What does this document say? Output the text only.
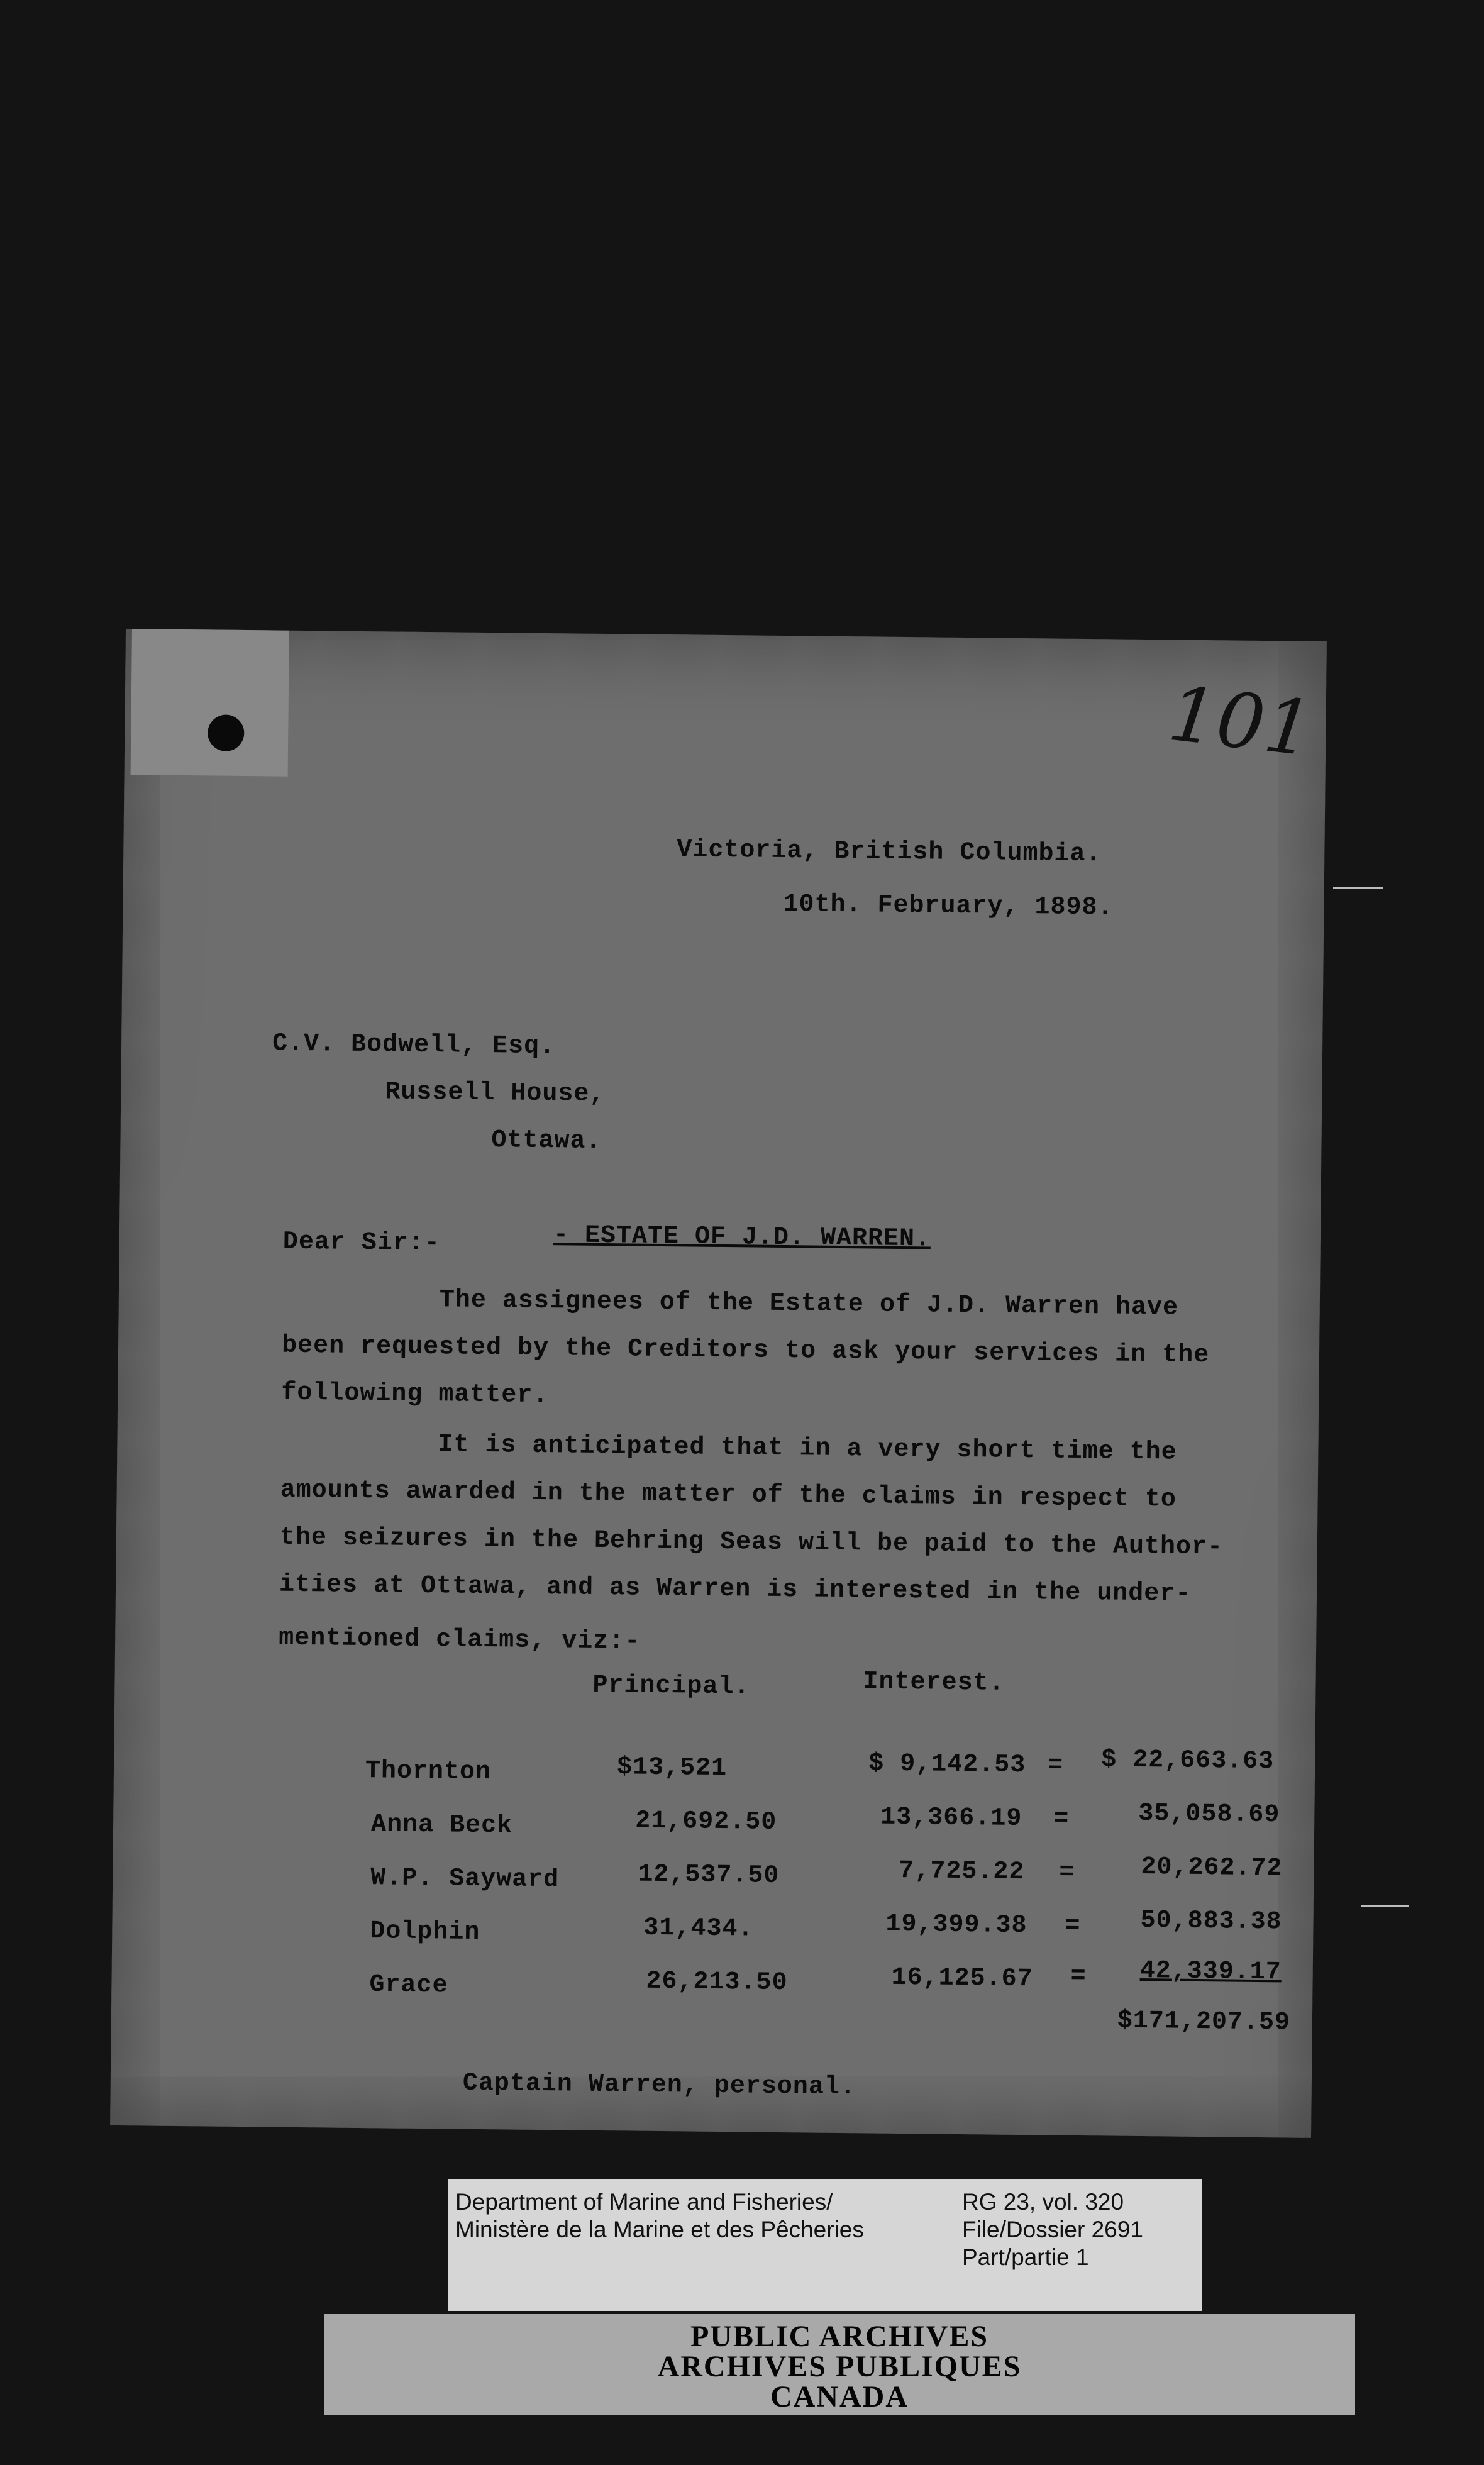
101
Victoria, British Columbia.
10th. February, 1898.
C.V. Bodwell, Esq.
Russell House,
Ottawa.
Dear Sir:-	- ESTATE OF J.D. WARREN.
The assignees of the Estate of J.D. Warren have
been requested by the Creditors to ask your services in the
following matter.
It is anticipated that in a very short time the
amounts awarded in the matter of the claims in respect to
the seizures in the Behring Seas will be paid to the Author-
ities at Ottawa, and as Warren is interested in the under-
mentioned claims, viz:-
Principal.	Interest.
Thornton	$13,521	$ 9,142.53 = $ 22,663.63
Anna Beck	21,692.50	13,366.19 =	35,058.69
W.P. Sayward	12,537.50	7,725.22 =	20,262.72
Dolphin	31,434.	19,399.38 = 50,883.38
Grace	26,213.50	16,125.67 = 42,339.17
$171,207.59
Captain Warren, personal.
Department of Marine and Fisheries/
Ministère de la Marine et des Pêcheries
RG 23, vol. 320
File/Dossier 2691
Part/partie 1
PUBLIC ARCHIVES
ARCHIVES PUBLIQUES
CANADA
